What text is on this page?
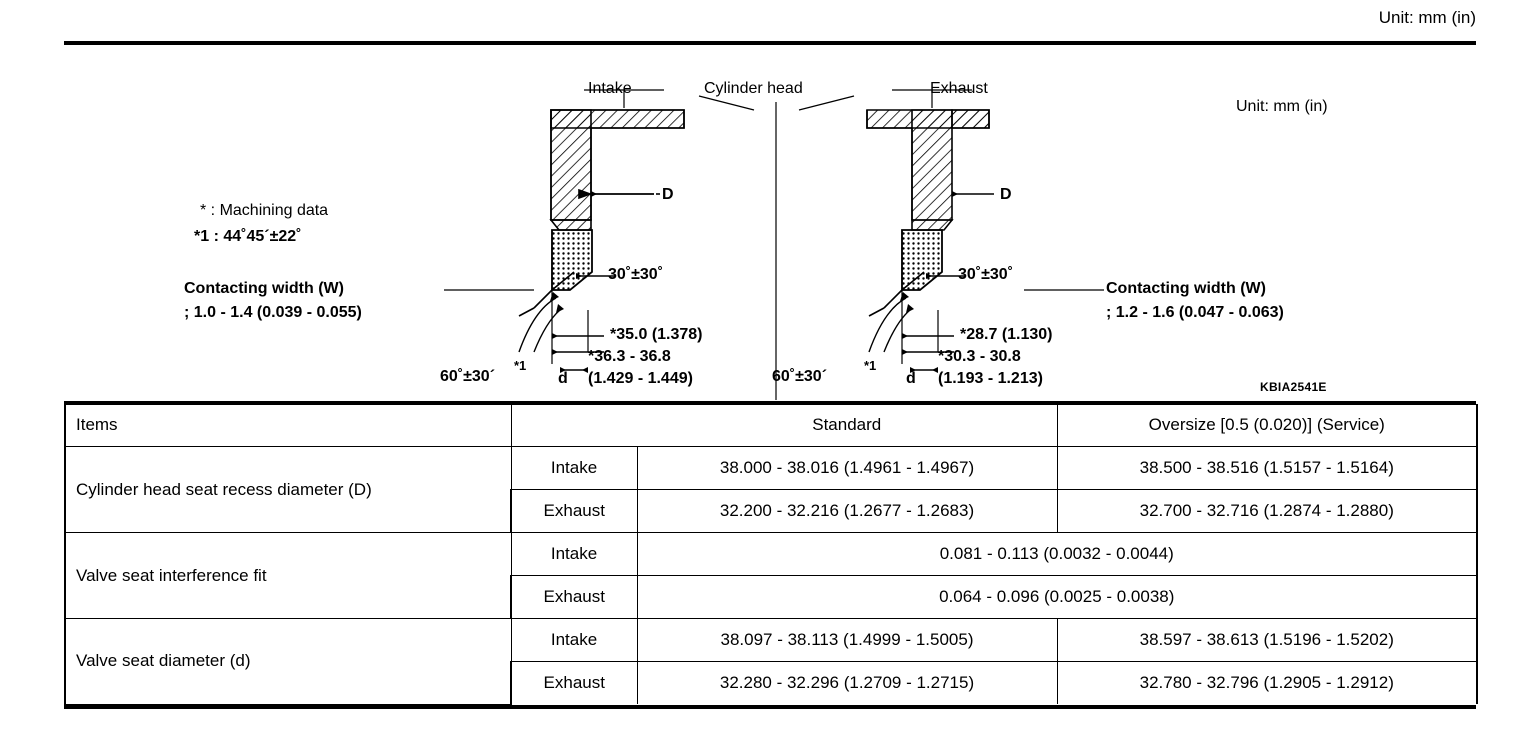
Unit: mm (in)
Intake	Cylinder head	Exhaust
Unit: mm (in)
D	D
* : Machining data
*1 : 44˚45´±22˚
Contacting width (W)
; 1.0 - 1.4 (0.039 - 0.055)
Contacting width (W)
; 1.2 - 1.6 (0.047 - 0.063)
30˚±30˚	30˚±30˚
*35.0 (1.378)
*36.3 - 36.8
(1.429 - 1.449)
*28.7 (1.130)
*30.3 - 30.8
(1.193 - 1.213)
60˚±30´	60˚±30´
*1	*1
d	d	KBIA2541E
Items		Standard	Oversize [0.5 (0.020)] (Service)
Cylinder head seat recess diameter (D)	Intake	38.000 - 38.016 (1.4961 - 1.4967)	38.500 - 38.516 (1.5157 - 1.5164)
	Exhaust	32.200 - 32.216 (1.2677 - 1.2683)	32.700 - 32.716 (1.2874 - 1.2880)
Valve seat interference fit	Intake	0.081 - 0.113 (0.0032 - 0.0044)	
	Exhaust	0.064 - 0.096 (0.0025 - 0.0038)	
Valve seat diameter (d)	Intake	38.097 - 38.113 (1.4999 - 1.5005)	38.597 - 38.613 (1.5196 - 1.5202)
	Exhaust	32.280 - 32.296 (1.2709 - 1.2715)	32.780 - 32.796 (1.2905 - 1.2912)
